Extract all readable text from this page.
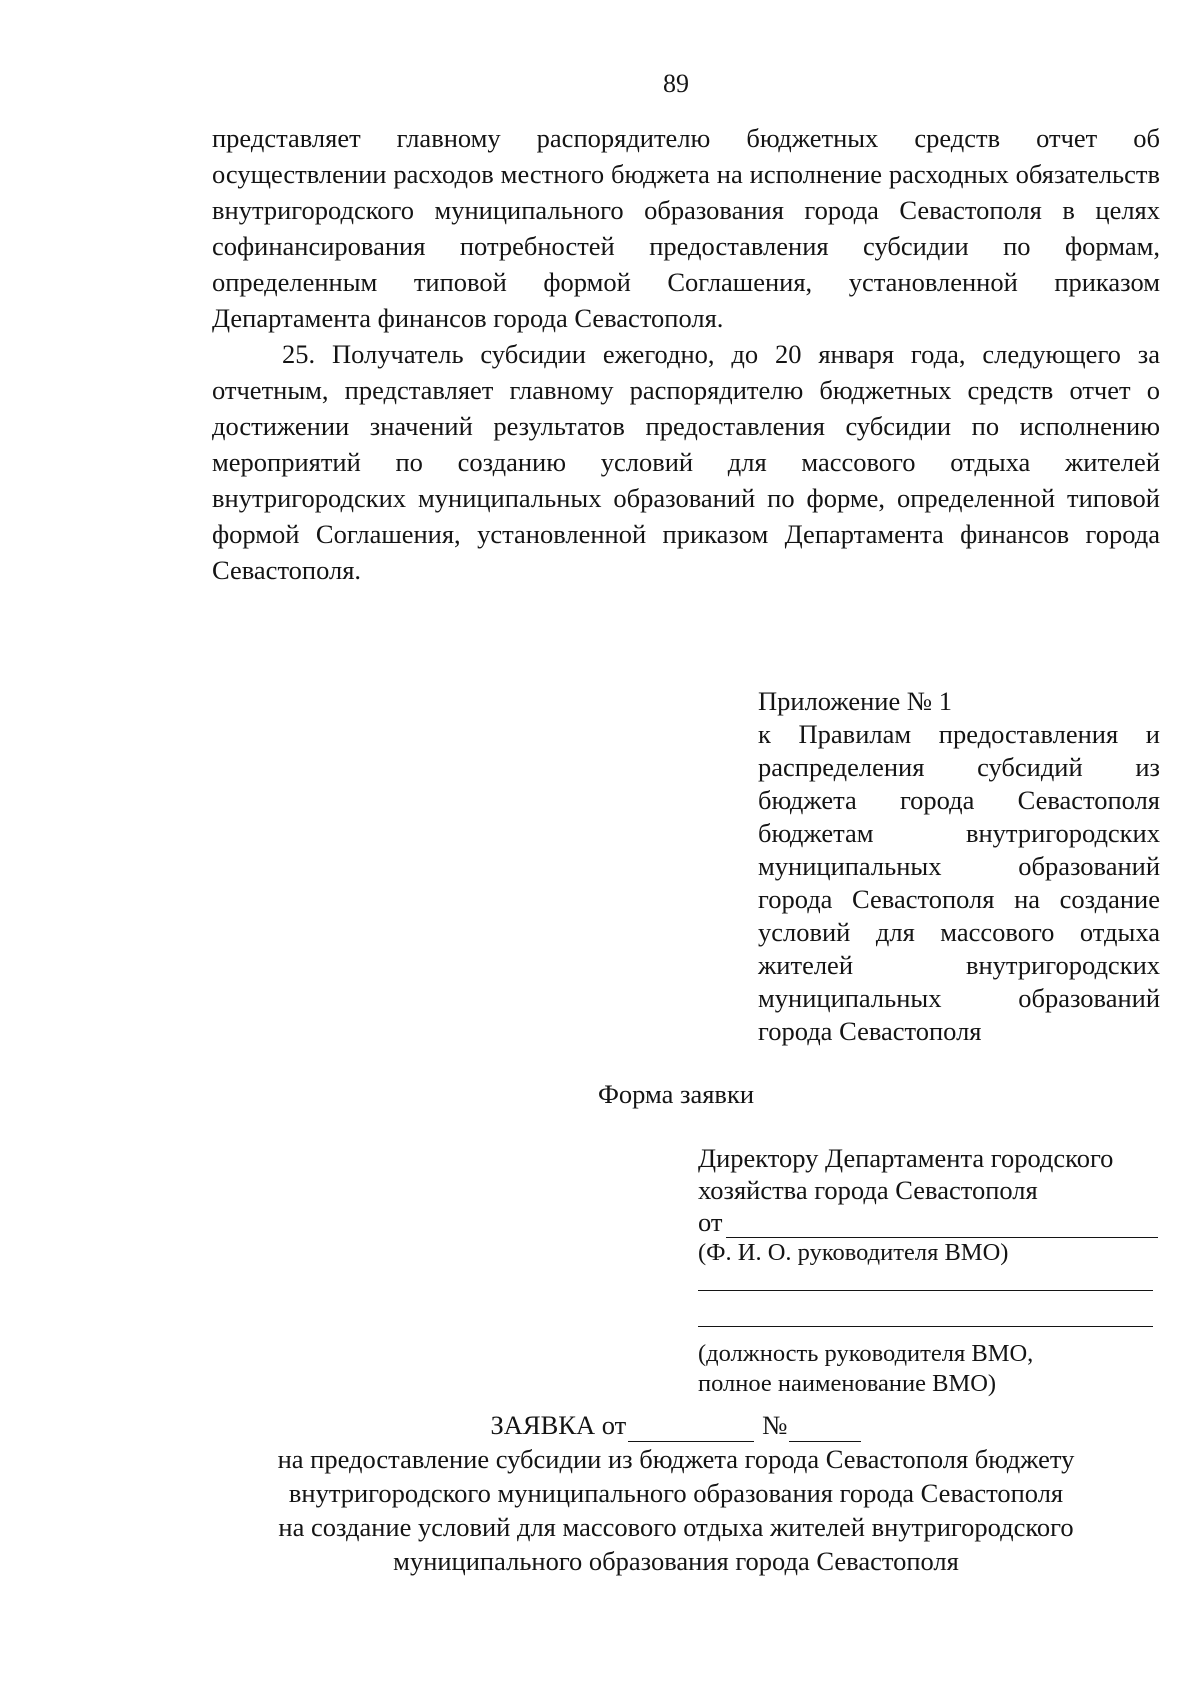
89

представляет главному распорядителю бюджетных средств отчет об осуществлении расходов местного бюджета на исполнение расходных обязательств внутригородского муниципального образования города Севастополя в целях софинансирования потребностей предоставления субсидии по формам, определенным типовой формой Соглашения, установленной приказом Департамента финансов города Севастополя.

25. Получатель субсидии ежегодно, до 20 января года, следующего за отчетным, представляет главному распорядителю бюджетных средств отчет о достижении значений результатов предоставления субсидии по исполнению мероприятий по созданию условий для массового отдыха жителей внутригородских муниципальных образований по форме, определенной типовой формой Соглашения, установленной приказом Департамента финансов города Севастополя.

Приложение № 1

к Правилам предоставления и распределения субсидий из бюджета города Севастополя бюджетам внутригородских муниципальных образований города Севастополя на создание условий для массового отдыха жителей внутригородских муниципальных образований города Севастополя

Форма заявки
Директору Департамента городского
хозяйства города Севастополя
от
(Ф. И. О. руководителя ВМО)
(должность руководителя ВМО,
полное наименование ВМО)
ЗАЯВКА от	№

на предоставление субсидии из бюджета города Севастополя бюджету
внутригородского муниципального образования города Севастополя
на создание условий для массового отдыха жителей внутригородского
муниципального образования города Севастополя
